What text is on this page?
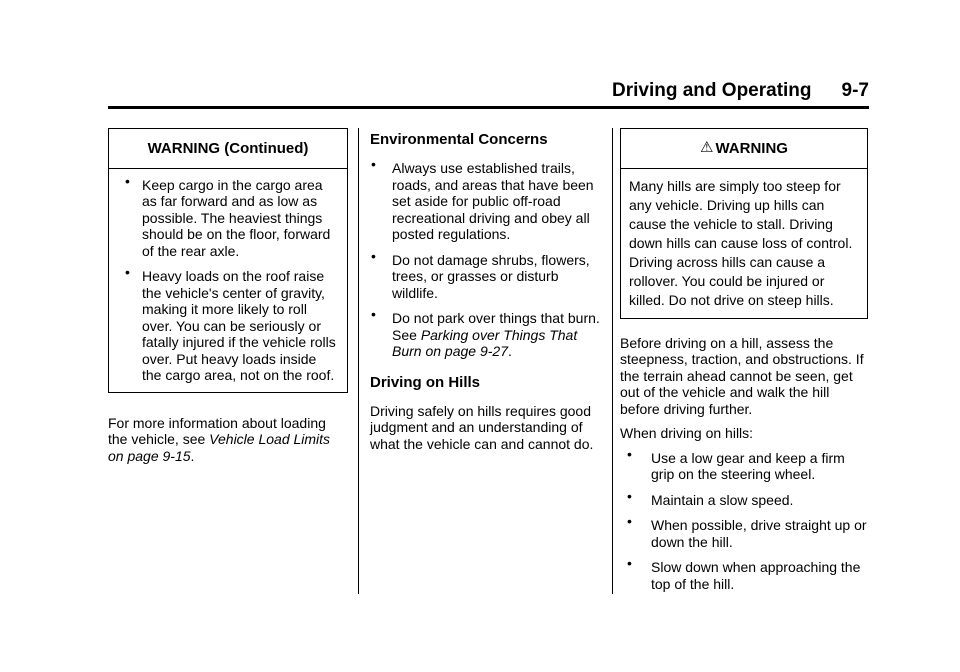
Driving and Operating 9-7
WARNING (Continued)
• Keep cargo in the cargo area as far forward and as low as possible. The heaviest things should be on the floor, forward of the rear axle.
• Heavy loads on the roof raise the vehicle's center of gravity, making it more likely to roll over. You can be seriously or fatally injured if the vehicle rolls over. Put heavy loads inside the cargo area, not on the roof.

For more information about loading the vehicle, see Vehicle Load Limits on page 9‑15.

Environmental Concerns
• Always use established trails, roads, and areas that have been set aside for public off-road recreational driving and obey all posted regulations.
• Do not damage shrubs, flowers, trees, or grasses or disturb wildlife.
• Do not park over things that burn. See Parking over Things That Burn on page 9‑27.
Driving on Hills

Driving safely on hills requires good judgment and an understanding of what the vehicle can and cannot do.

⚠ WARNING
Many hills are simply too steep for any vehicle. Driving up hills can cause the vehicle to stall. Driving down hills can cause loss of control. Driving across hills can cause a rollover. You could be injured or killed. Do not drive on steep hills.

Before driving on a hill, assess the steepness, traction, and obstructions. If the terrain ahead cannot be seen, get out of the vehicle and walk the hill before driving further.

When driving on hills:

• Use a low gear and keep a firm grip on the steering wheel.
• Maintain a slow speed.
• When possible, drive straight up or down the hill.
• Slow down when approaching the top of the hill.
